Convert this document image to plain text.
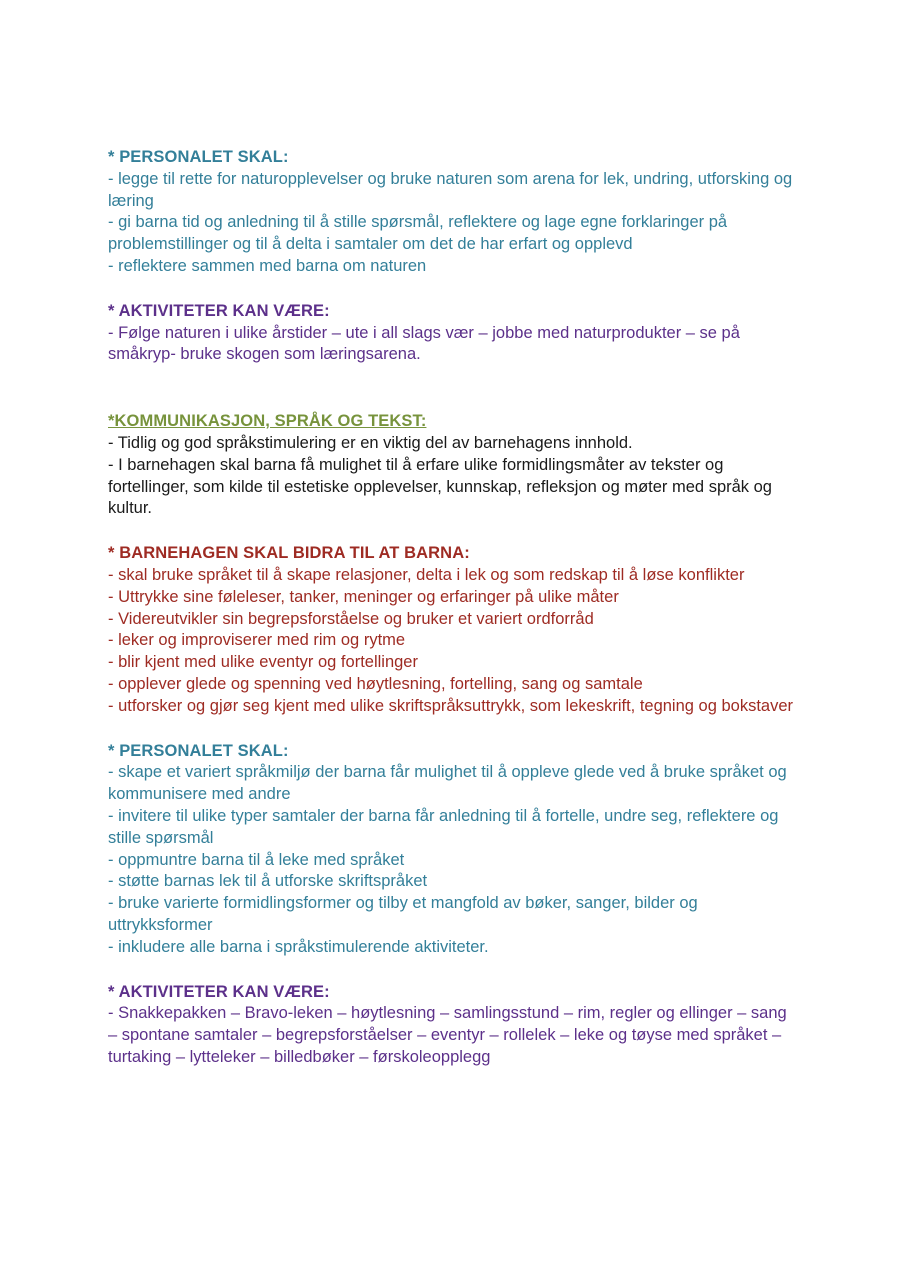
* PERSONALET SKAL:

- legge til rette for naturopplevelser og bruke naturen som arena for lek, undring, utforsking og læring

- gi barna tid og anledning til å stille spørsmål, reflektere og lage egne forklaringer på problemstillinger og til å delta i samtaler om det de har erfart og opplevd

- reflektere sammen med barna om naturen

* AKTIVITETER KAN VÆRE:

- Følge naturen i ulike årstider – ute i all slags vær – jobbe med naturprodukter – se på småkryp- bruke skogen som læringsarena.

*KOMMUNIKASJON, SPRÅK OG TEKST:

- Tidlig og god språkstimulering er en viktig del av barnehagens innhold.

- I barnehagen skal barna få mulighet til å erfare ulike formidlingsmåter av tekster og fortellinger, som kilde til estetiske opplevelser, kunnskap, refleksjon og møter med språk og kultur.

* BARNEHAGEN SKAL BIDRA TIL AT BARNA:

- skal bruke språket til å skape relasjoner, delta i lek og som redskap til å løse konflikter

- Uttrykke sine føleleser, tanker, meninger og erfaringer på ulike måter

- Videreutvikler sin begrepsforståelse og bruker et variert ordforråd

- leker og improviserer med rim og rytme

- blir kjent med ulike eventyr og fortellinger

- opplever glede og spenning ved høytlesning, fortelling, sang og samtale

- utforsker og gjør seg kjent med ulike skriftspråksuttrykk, som lekeskrift, tegning og bokstaver

* PERSONALET SKAL:

- skape et variert språkmiljø der barna får mulighet til å oppleve glede ved å bruke språket og kommunisere med andre

- invitere til ulike typer samtaler der barna får anledning til å fortelle, undre seg, reflektere og stille spørsmål

- oppmuntre barna til å leke med språket

- støtte barnas lek til å utforske skriftspråket

- bruke varierte formidlingsformer og tilby et mangfold av bøker, sanger, bilder og uttrykksformer

- inkludere alle barna i språkstimulerende aktiviteter.

* AKTIVITETER KAN VÆRE:

- Snakkepakken – Bravo-leken – høytlesning – samlingsstund – rim, regler og ellinger – sang – spontane samtaler – begrepsforståelser – eventyr – rollelek – leke og tøyse med språket – turtaking – lytteleker – billedbøker – førskoleopplegg
